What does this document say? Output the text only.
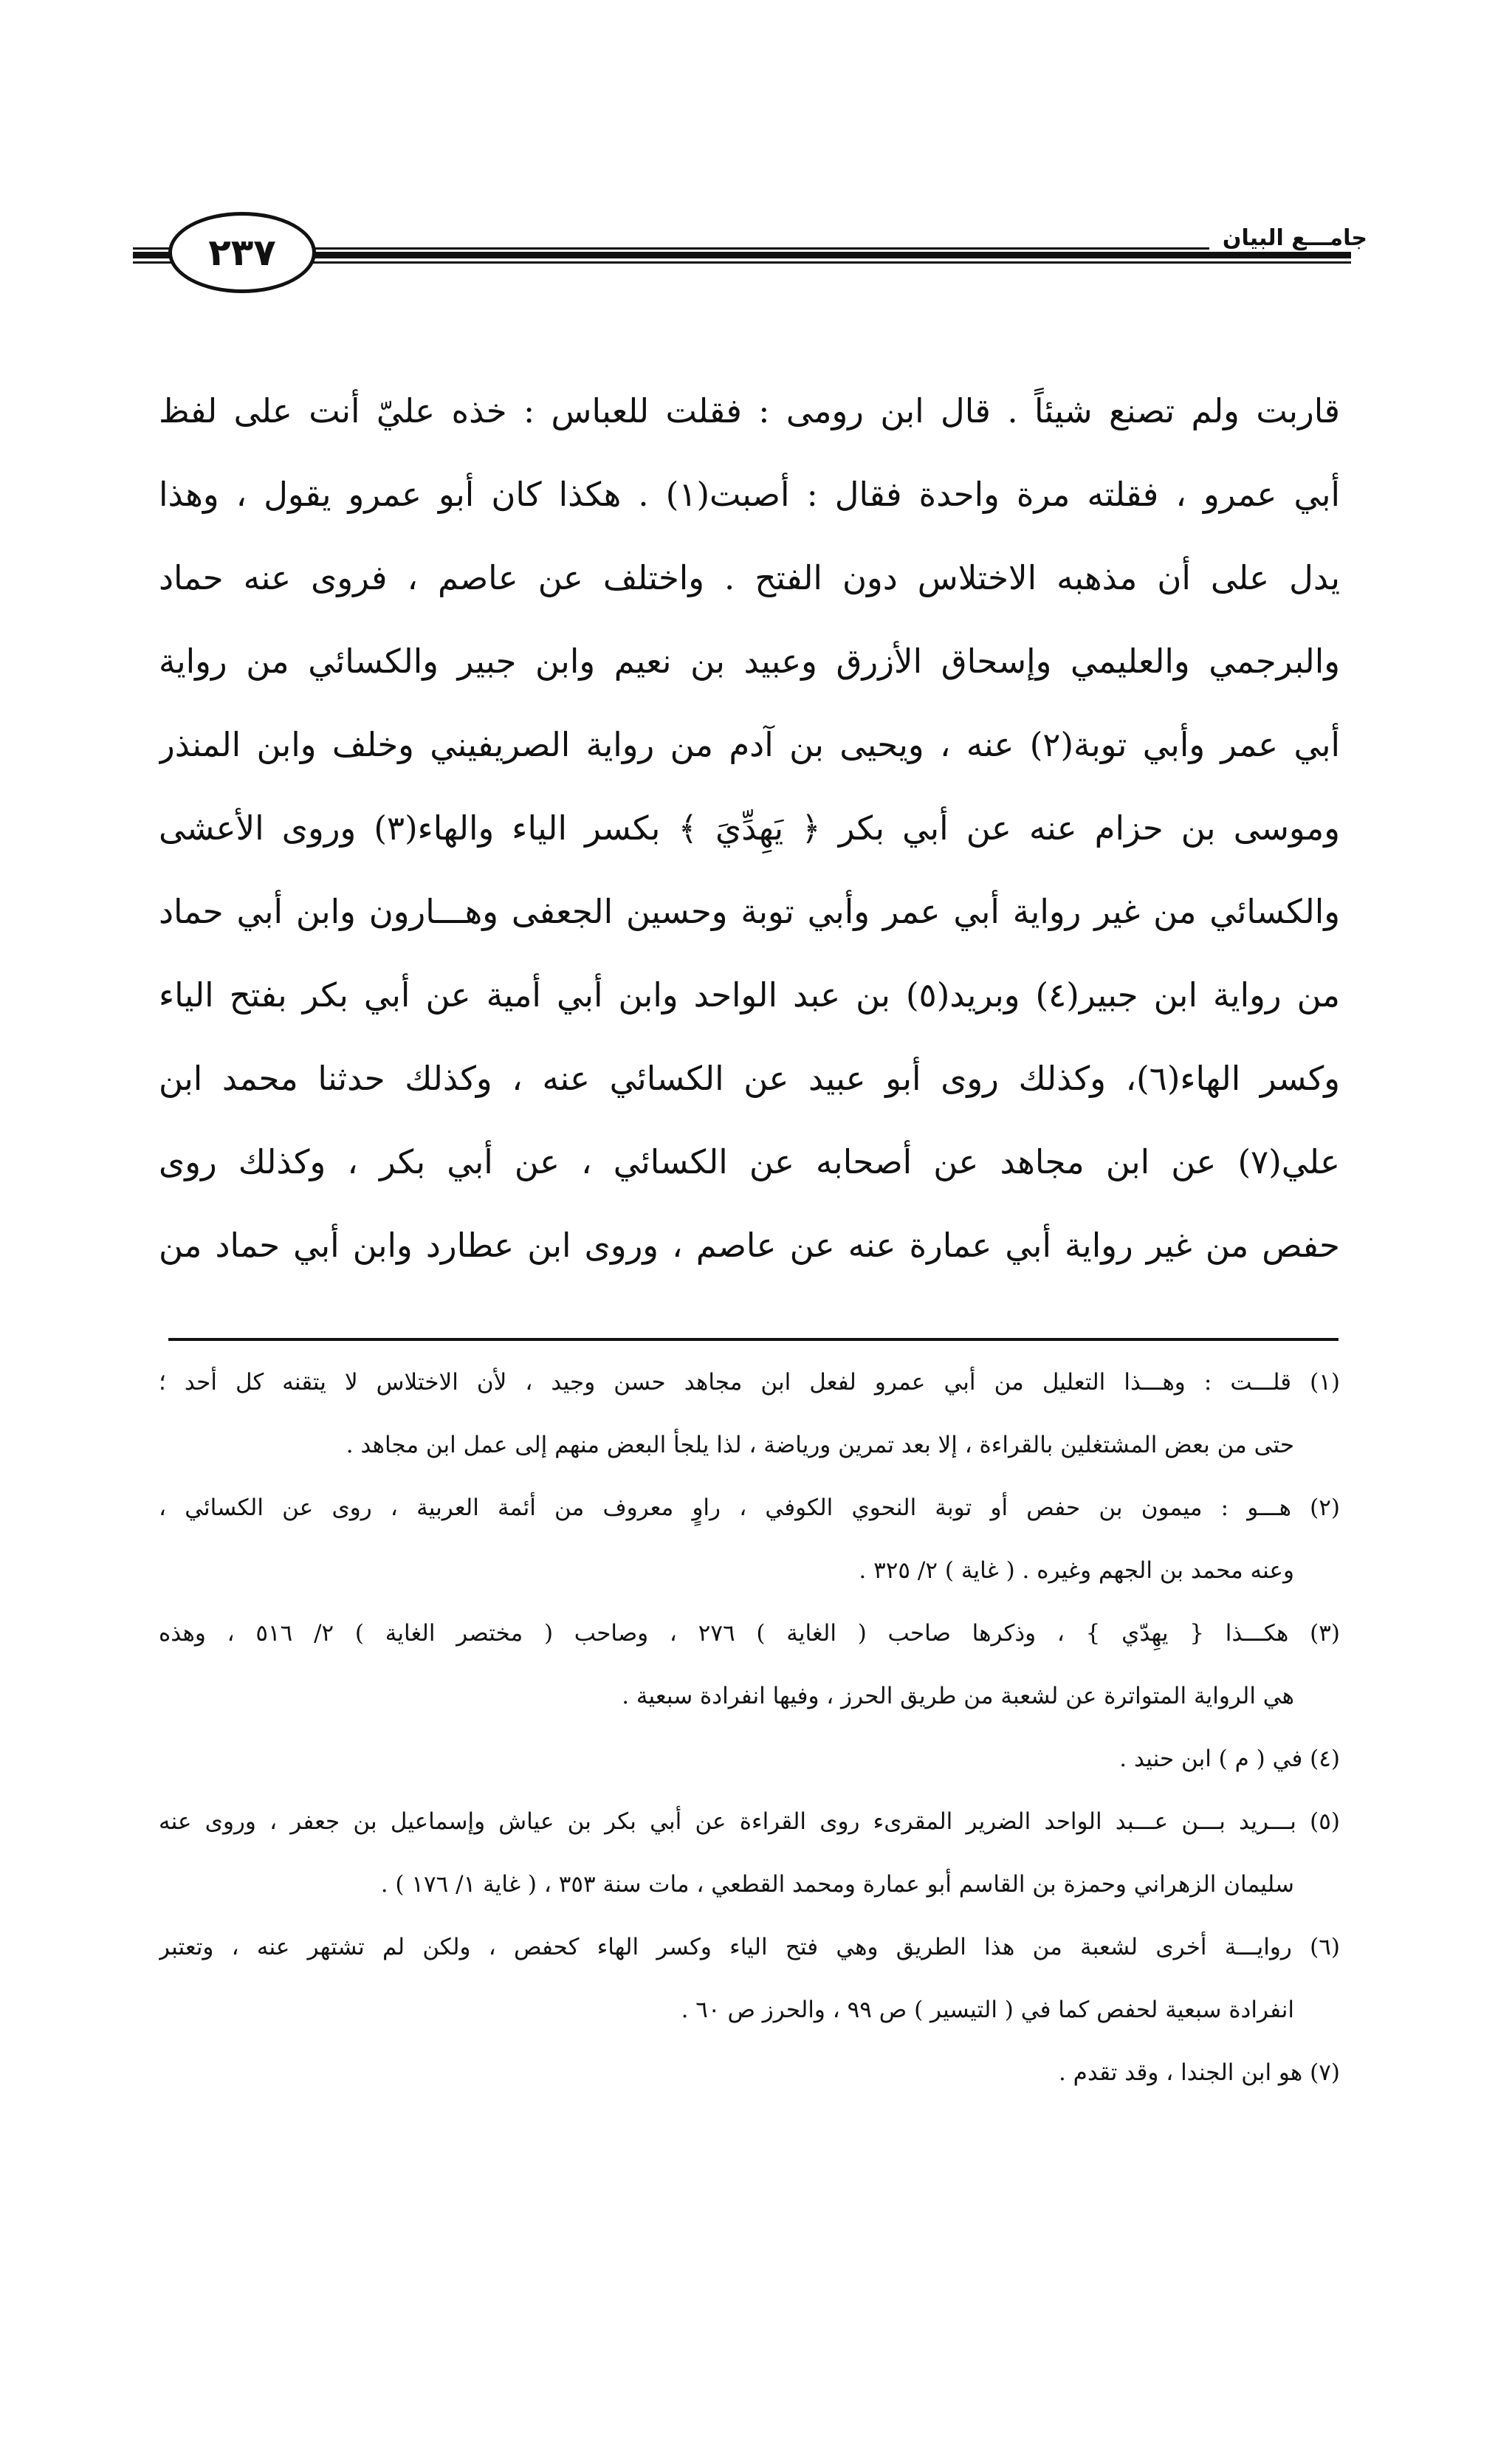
٢٣٧	جامـــع البيان
قاربت ولم تصنع شيئاً . قال ابن رومى : فقلت للعباس : خذه عليّ أنت على لفظ
أبي عمرو ، فقلته مرة واحدة فقال : أصبت(١) . هكذا كان أبو عمرو يقول ، وهذا
يدل على أن مذهبه الاختلاس دون الفتح . واختلف عن عاصم ، فروى عنه حماد
والبرجمي والعليمي وإسحاق الأزرق وعبيد بن نعيم وابن جبير والكسائي من رواية
أبي عمر وأبي توبة(٢) عنه ، ويحيى بن آدم من رواية الصريفيني وخلف وابن المنذر
وموسى بن حزام عنه عن أبي بكر ﴿ يَهِدِّيَ ﴾ بكسر الياء والهاء(٣) وروى الأعشى
والكسائي من غير رواية أبي عمر وأبي توبة وحسين الجعفى وهـــارون وابن أبي حماد
من رواية ابن جبير(٤) وبريد(٥) بن عبد الواحد وابن أبي أمية عن أبي بكر بفتح الياء
وكسر الهاء(٦)، وكذلك روى أبو عبيد عن الكسائي عنه ، وكذلك حدثنا محمد ابن
علي(٧) عن ابن مجاهد عن أصحابه عن الكسائي ، عن أبي بكر ، وكذلك روى
حفص من غير رواية أبي عمارة عنه عن عاصم ، وروى ابن عطارد وابن أبي حماد من
(١) قلـــت : وهـــذا التعليل من أبي عمرو لفعل ابن مجاهد حسن وجيد ، لأن الاختلاس لا يتقنه كل أحد ؛
حتى من بعض المشتغلين بالقراءة ، إلا بعد تمرين ورياضة ، لذا يلجأ البعض منهم إلى عمل ابن مجاهد .
(٢) هـــو : ميمون بن حفص أو توبة النحوي الكوفي ، راوٍ معروف من أئمة العربية ، روى عن الكسائي ،
وعنه محمد بن الجهم وغيره . ( غاية ) ٢/ ٣٢٥ .
(٣) هكـــذا { يهِدّي } ، وذكرها صاحب ( الغاية ) ٢٧٦ ، وصاحب ( مختصر الغاية ) ٢/ ٥١٦ ، وهذه
هي الرواية المتواترة عن لشعبة من طريق الحرز ، وفيها انفرادة سبعية .
(٤) في ( م ) ابن حنيد .
(٥) بـــريد بـــن عـــبد الواحد الضرير المقرىء روى القراءة عن أبي بكر بن عياش وإسماعيل بن جعفر ، وروى عنه
سليمان الزهراني وحمزة بن القاسم أبو عمارة ومحمد القطعي ، مات سنة ٣٥٣ ، ( غاية ١/ ١٧٦ ) .
(٦) روايـــة أخرى لشعبة من هذا الطريق وهي فتح الياء وكسر الهاء كحفص ، ولكن لم تشتهر عنه ، وتعتبر
انفرادة سبعية لحفص كما في ( التيسير ) ص ٩٩ ، والحرز ص ٦٠ .
(٧) هو ابن الجندا ، وقد تقدم .
